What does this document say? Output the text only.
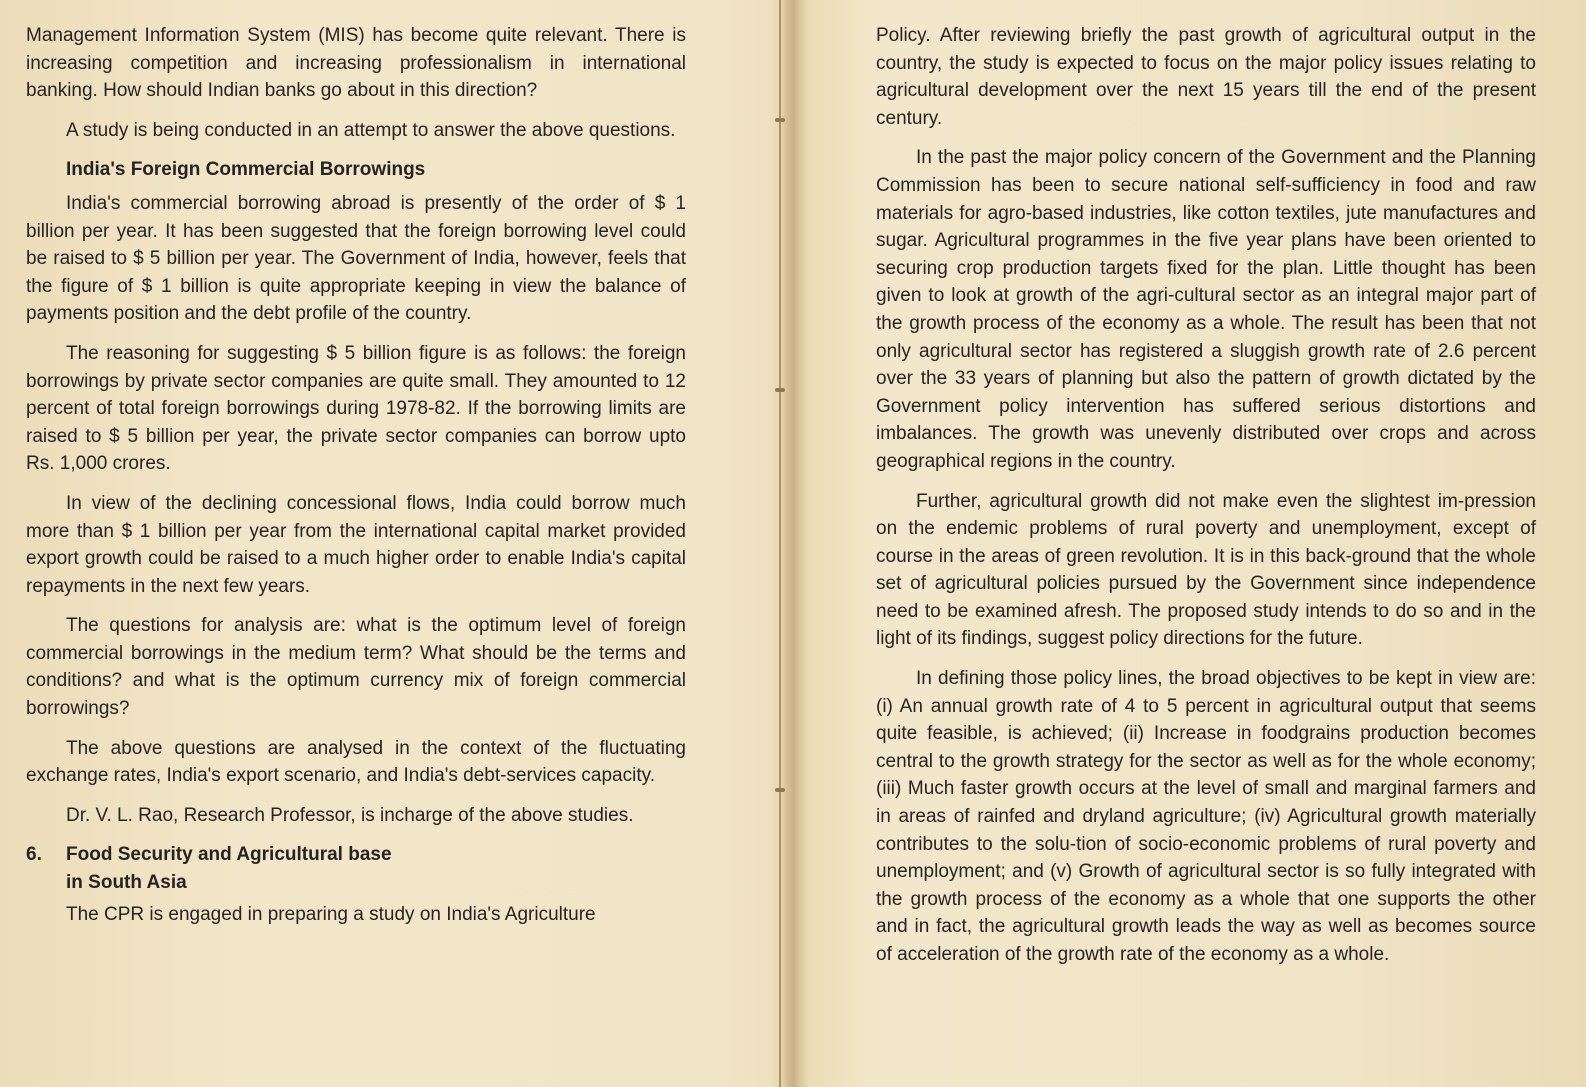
Management Information System (MIS) has become quite relevant. There is increasing competition and increasing professionalism in international banking. How should Indian banks go about in this direction?

A study is being conducted in an attempt to answer the above questions.

India's Foreign Commercial Borrowings

India's commercial borrowing abroad is presently of the order of $ 1 billion per year. It has been suggested that the foreign borrowing level could be raised to $ 5 billion per year. The Government of India, however, feels that the figure of $ 1 billion is quite appropriate keeping in view the balance of payments position and the debt profile of the country.

The reasoning for suggesting $ 5 billion figure is as follows: the foreign borrowings by private sector companies are quite small. They amounted to 12 percent of total foreign borrowings during 1978-82. If the borrowing limits are raised to $ 5 billion per year, the private sector companies can borrow upto Rs. 1,000 crores.

In view of the declining concessional flows, India could borrow much more than $ 1 billion per year from the international capital market provided export growth could be raised to a much higher order to enable India's capital repayments in the next few years.

The questions for analysis are: what is the optimum level of foreign commercial borrowings in the medium term? What should be the terms and conditions? and what is the optimum currency mix of foreign commercial borrowings?

The above questions are analysed in the context of the fluctuating exchange rates, India's export scenario, and India's debt-services capacity.

Dr. V. L. Rao, Research Professor, is incharge of the above studies.

6.	Food Security and Agricultural base in South Asia

The CPR is engaged in preparing a study on India's Agriculture

Policy. After reviewing briefly the past growth of agricultural output in the country, the study is expected to focus on the major policy issues relating to agricultural development over the next 15 years till the end of the present century.

In the past the major policy concern of the Government and the Planning Commission has been to secure national self-sufficiency in food and raw materials for agro-based industries, like cotton textiles, jute manufactures and sugar. Agricultural programmes in the five year plans have been oriented to securing crop production targets fixed for the plan. Little thought has been given to look at growth of the agri-cultural sector as an integral major part of the growth process of the economy as a whole. The result has been that not only agricultural sector has registered a sluggish growth rate of 2.6 percent over the 33 years of planning but also the pattern of growth dictated by the Government policy intervention has suffered serious distortions and imbalances. The growth was unevenly distributed over crops and across geographical regions in the country.

Further, agricultural growth did not make even the slightest im-pression on the endemic problems of rural poverty and unemployment, except of course in the areas of green revolution. It is in this back-ground that the whole set of agricultural policies pursued by the Government since independence need to be examined afresh. The proposed study intends to do so and in the light of its findings, suggest policy directions for the future.

In defining those policy lines, the broad objectives to be kept in view are: (i) An annual growth rate of 4 to 5 percent in agricultural output that seems quite feasible, is achieved; (ii) Increase in foodgrains production becomes central to the growth strategy for the sector as well as for the whole economy; (iii) Much faster growth occurs at the level of small and marginal farmers and in areas of rainfed and dryland agriculture; (iv) Agricultural growth materially contributes to the solu-tion of socio-economic problems of rural poverty and unemployment; and (v) Growth of agricultural sector is so fully integrated with the growth process of the economy as a whole that one supports the other and in fact, the agricultural growth leads the way as well as becomes source of acceleration of the growth rate of the economy as a whole.
